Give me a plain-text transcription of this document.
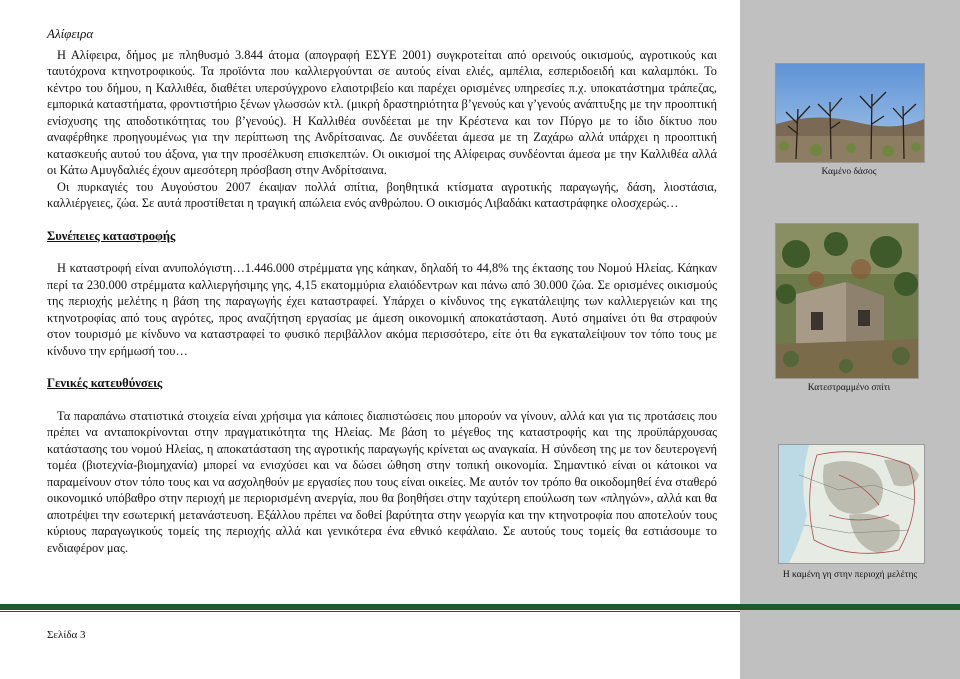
Αλίφειρα

Η Αλίφειρα, δήμος με πληθυσμό 3.844 άτομα (απογραφή ΕΣΥΕ 2001) συγκροτείται από ορεινούς οικισμούς, αγροτικούς και ταυτόχρονα κτηνοτροφικούς. Τα προϊόντα που καλλιεργούνται σε αυτούς είναι ελιές, αμπέλια, εσπεριδοειδή και καλαμπόκι. Το κέντρο του δήμου, η Καλλιθέα, διαθέτει υπερσύγχρονο ελαιοτριβείο και παρέχει ορισμένες υπηρεσίες π.χ. υποκατάστημα τράπεζας, εμπορικά καταστήματα, φροντιστήριο ξένων γλωσσών κτλ. (μικρή δραστηριότητα β’γενούς και γ’γενούς ανάπτυξης με την προοπτική ενίσχυσης της αποδοτικότητας του β’γενούς). Η Καλλιθέα συνδέεται με την Κρέστενα και τον Πύργο με το ίδιο δίκτυο που αναφέρθηκε προηγουμένως για την περίπτωση της Ανδρίτσαινας. Δε συνδέεται άμεσα με τη Ζαχάρω αλλά υπάρχει η προοπτική κατασκευής αυτού του άξονα, για την προσέλκυση επισκεπτών. Οι οικισμοί της Αλίφειρας συνδέονται άμεσα με την Καλλιθέα αλλά οι Κάτω Αμυγδαλιές έχουν αμεσότερη πρόσβαση στην Ανδρίτσαινα.

Οι πυρκαγιές του Αυγούστου 2007 έκαψαν πολλά σπίτια, βοηθητικά κτίσματα αγροτικής παραγωγής, δάση, λιοστάσια, καλλιέργειες, ζώα. Σε αυτά προστίθεται η τραγική απώλεια ενός ανθρώπου. Ο οικισμός Λιβαδάκι καταστράφηκε ολοσχερώς…

Συνέπειες καταστροφής

Η καταστροφή είναι ανυπολόγιστη…1.446.000 στρέμματα γης κάηκαν, δηλαδή το 44,8% της έκτασης του Νομού Ηλείας. Κάηκαν περί τα 230.000 στρέμματα καλλιεργήσιμης γης, 4,15 εκατομμύρια ελαιόδεντρων και πάνω από 30.000 ζώα. Σε ορισμένες οικισμούς της περιοχής μελέτης η βάση της παραγωγής έχει καταστραφεί. Υπάρχει ο κίνδυνος της εγκατάλειψης των καλλιεργειών και της κτηνοτροφίας από τους αγρότες, προς αναζήτηση εργασίας με άμεση οικονομική αποκατάσταση. Αυτό σημαίνει ότι θα στραφούν στον τουρισμό με κίνδυνο να καταστραφεί το φυσικό περιβάλλον ακόμα περισσότερο, είτε ότι θα εγκαταλείψουν τον τόπο τους με κίνδυνο την ερήμωσή του…

Γενικές κατευθύνσεις

Τα παραπάνω στατιστικά στοιχεία είναι χρήσιμα για κάποιες διαπιστώσεις που μπορούν να γίνουν, αλλά και για τις προτάσεις που πρέπει να ανταποκρίνονται στην πραγματικότητα της Ηλείας. Με βάση το μέγεθος της καταστροφής και της προϋπάρχουσας κατάστασης του νομού Ηλείας, η αποκατάσταση της αγροτικής παραγωγής κρίνεται ως αναγκαία. Η σύνδεση της με τον δευτερογενή τομέα (βιοτεχνία-βιομηχανία) μπορεί να ενισχύσει και να δώσει ώθηση στην τοπική οικονομία. Σημαντικό είναι οι κάτοικοι να παραμείνουν στον τόπο τους και να ασχοληθούν με εργασίες που τους είναι οικείες. Με αυτόν τον τρόπο θα οικοδομηθεί ένα σταθερό οικονομικό υπόβαθρο στην περιοχή με περιορισμένη ανεργία, που θα βοηθήσει στην ταχύτερη επούλωση των «πληγών», αλλά και θα αποτρέψει την εσωτερική μετανάστευση. Εξάλλου πρέπει να δοθεί βαρύτητα στην γεωργία και την κτηνοτροφία που αποτελούν τους κύριους παραγωγικούς τομείς της περιοχής αλλά και γενικότερα ένα εθνικό κεφάλαιο. Σε αυτούς τους τομείς θα εστιάσουμε το ενδιαφέρον μας.

Καμένο δάσος
Κατεστραμμένο σπίτι
Η καμένη γη στην περιοχή μελέτης
Σελίδα 3
